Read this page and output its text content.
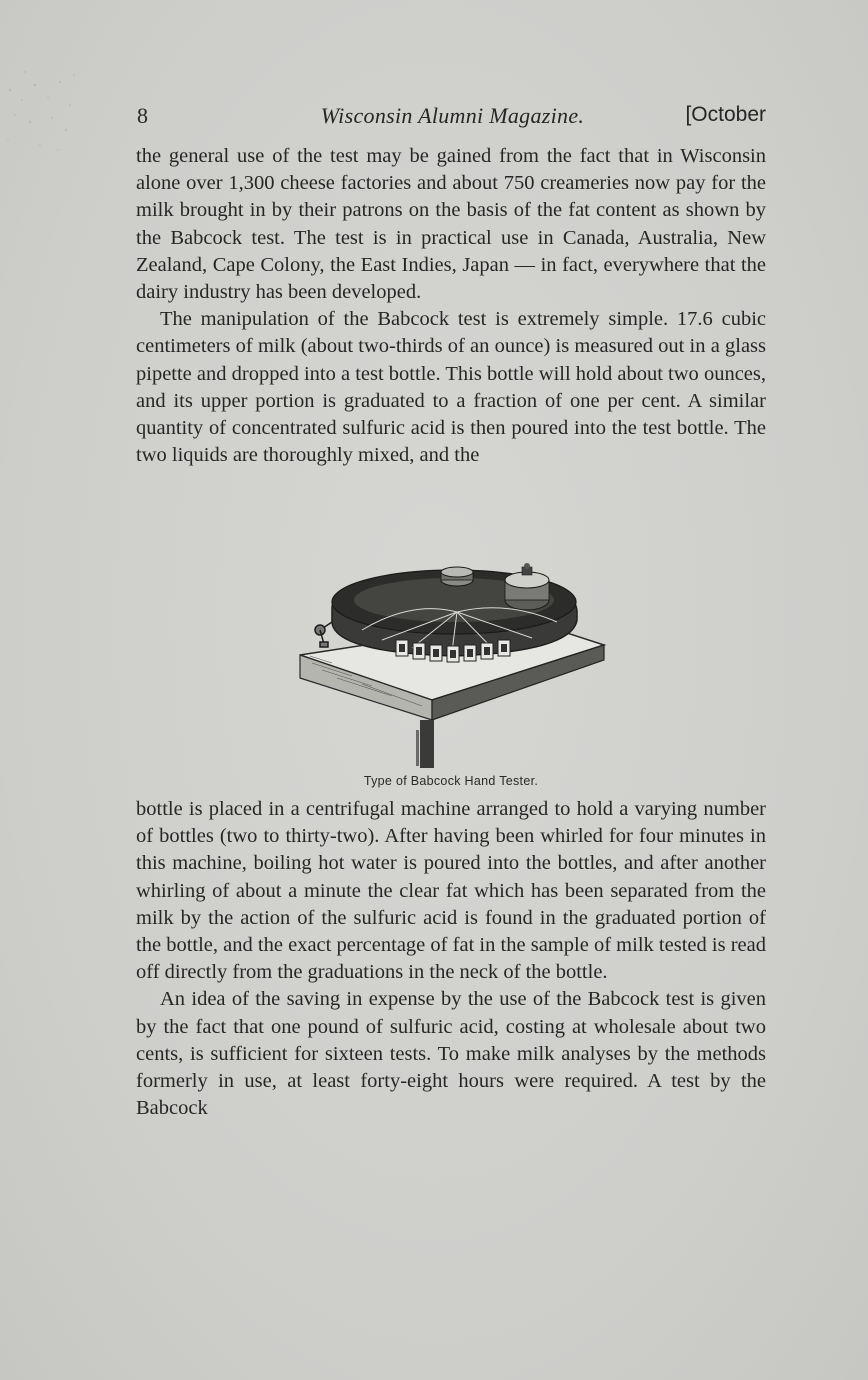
8	Wisconsin Alumni Magazine.	[October

the general use of the test may be gained from the fact that in Wisconsin alone over 1,300 cheese factories and about 750 creameries now pay for the milk brought in by their patrons on the basis of the fat content as shown by the Babcock test. The test is in practical use in Canada, Australia, New Zealand, Cape Colony, the East Indies, Japan — in fact, everywhere that the dairy industry has been developed.

The manipulation of the Babcock test is extremely simple. 17.6 cubic centimeters of milk (about two-thirds of an ounce) is measured out in a glass pipette and dropped into a test bottle. This bottle will hold about two ounces, and its upper portion is graduated to a fraction of one per cent. A similar quantity of concentrated sulfuric acid is then poured into the test bottle. The two liquids are thoroughly mixed, and the

Type of Babcock Hand Tester.

bottle is placed in a centrifugal machine arranged to hold a varying number of bottles (two to thirty-two). After having been whirled for four minutes in this machine, boiling hot water is poured into the bottles, and after another whirling of about a minute the clear fat which has been separated from the milk by the action of the sulfuric acid is found in the graduated portion of the bottle, and the exact percentage of fat in the sample of milk tested is read off directly from the graduations in the neck of the bottle.

An idea of the saving in expense by the use of the Babcock test is given by the fact that one pound of sulfuric acid, costing at wholesale about two cents, is sufficient for sixteen tests. To make milk analyses by the methods formerly in use, at least forty-eight hours were required. A test by the Babcock
